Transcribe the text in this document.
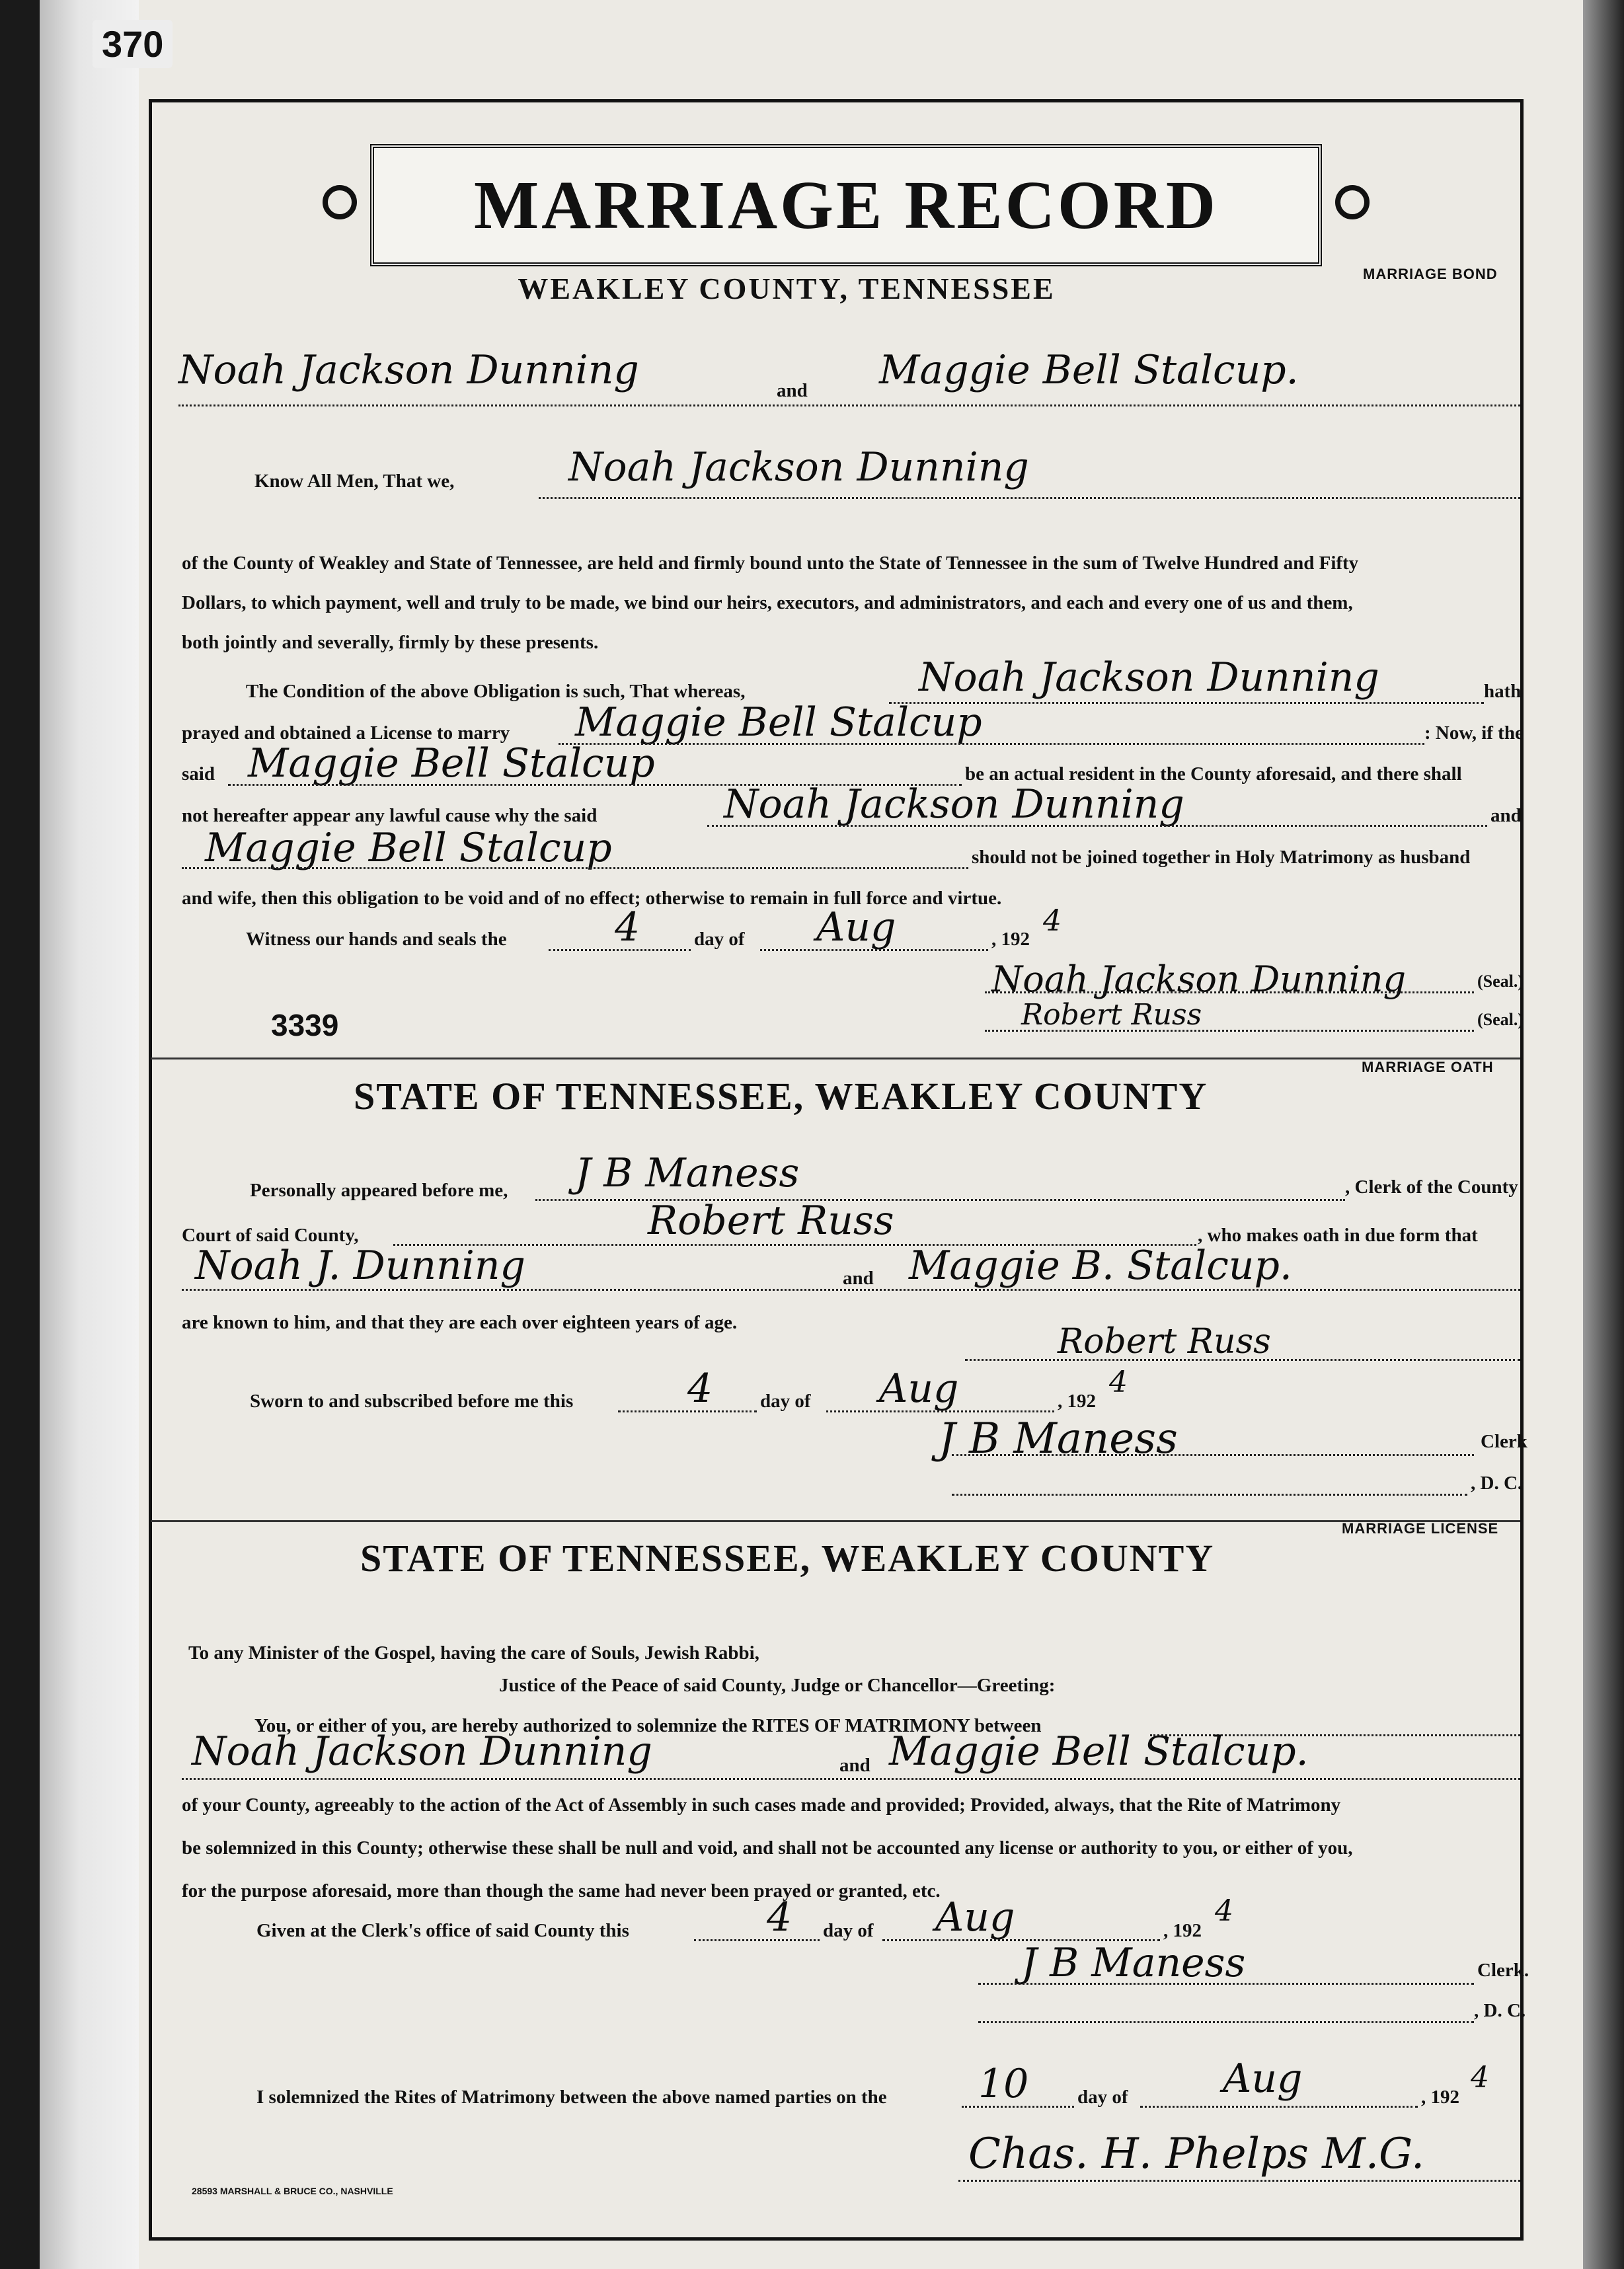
370
MARRIAGE RECORD
WEAKLEY COUNTY, TENNESSEE	MARRIAGE BOND
Noah Jackson Dunning	and Maggie Bell Stalcup.
Know All Men, That we,	Noah Jackson Dunning
of the County of Weakley and State of Tennessee, are held and firmly bound unto the State of Tennessee in the sum of Twelve Hundred and Fifty
Dollars, to which payment, well and truly to be made, we bind our heirs, executors, and administrators, and each and every one of us and them,
both jointly and severally, firmly by these presents.
The Condition of the above Obligation is such, That whereas,	Noah Jackson Dunning	hath
prayed and obtained a License to marry Maggie Bell Stalcup	: Now, if the
said Maggie Bell Stalcup	be an actual resident in the County aforesaid, and there shall
not hereafter appear any lawful cause why the said	Noah Jackson Dunning	and
Maggie Bell Stalcup	should not be joined together in Holy Matrimony as husband
and wife, then this obligation to be void and of no effect; otherwise to remain in full force and virtue.
Witness our hands and seals the	4	day of Aug	, 192
4
Noah Jackson Dunning	(Seal.)
Robert Russ	(Seal.)
3339
MARRIAGE OATH
STATE OF TENNESSEE, WEAKLEY COUNTY
Personally appeared before me, J B Maness	, Clerk of the County
Court of said County,	Robert Russ	, who makes oath in due form that
Noah J. Dunning	and Maggie B. Stalcup.
are known to him, and that they are each over eighteen years of age.	Robert Russ
Sworn to and subscribed before me this	4 day of Aug	, 192
4
J B Maness	Clerk
, D. C.
MARRIAGE LICENSE
STATE OF TENNESSEE, WEAKLEY COUNTY
To any Minister of the Gospel, having the care of Souls, Jewish Rabbi,
Justice of the Peace of said County, Judge or Chancellor—Greeting:
You, or either of you, are hereby authorized to solemnize the RITES OF MATRIMONY between
Noah Jackson Dunning	and Maggie Bell Stalcup.
of your County, agreeably to the action of the Act of Assembly in such cases made and provided; Provided, always, that the Rite of Matrimony
be solemnized in this County; otherwise these shall be null and void, and shall not be accounted any license or authority to you, or either of you,
for the purpose aforesaid, more than though the same had never been prayed or granted, etc.
Given at the Clerk's office of said County this	4 day of Aug	, 192
4
J B Maness	Clerk.
, D. C.
I solemnized the Rites of Matrimony between the above named parties on the 10	day of Aug	, 192
4
Chas. H. Phelps M.G.
28593 MARSHALL & BRUCE CO., NASHVILLE
